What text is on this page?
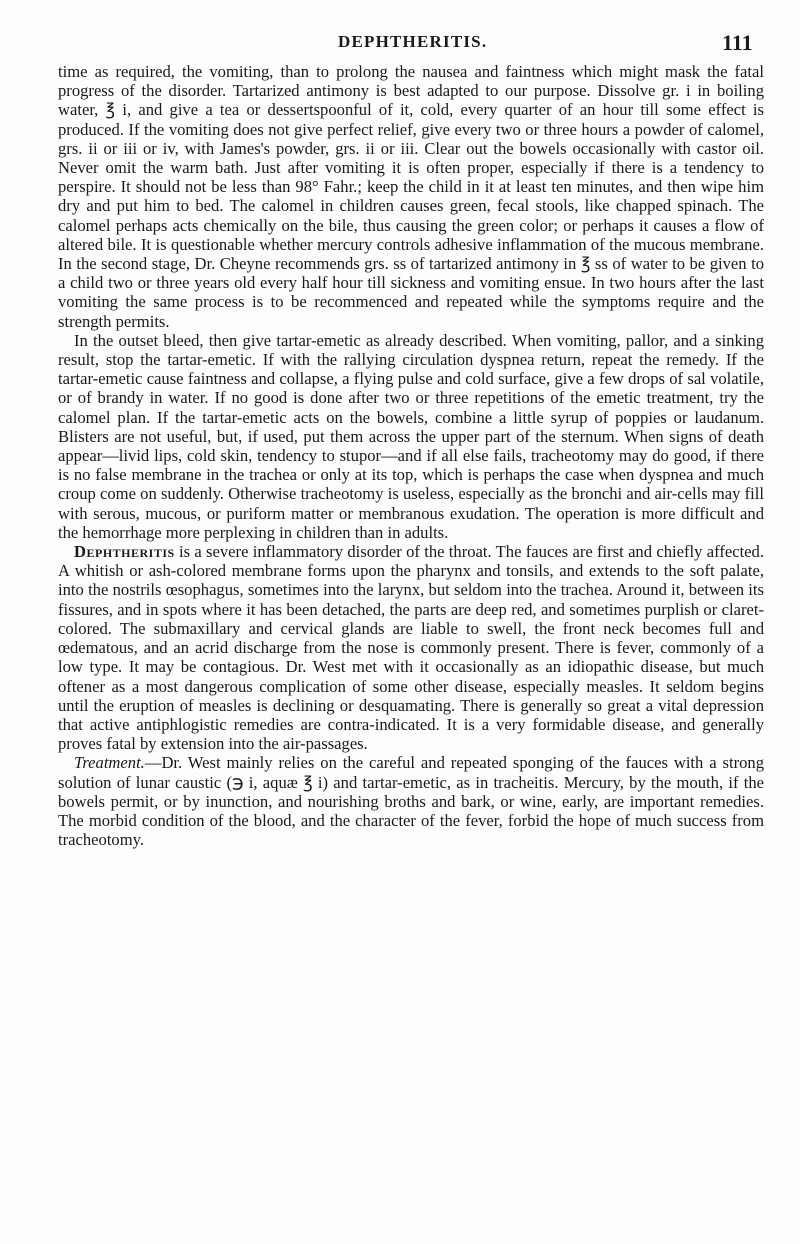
DEPHTHERITIS.	111

time as required, the vomiting, than to prolong the nausea and faintness which might mask the fatal progress of the disorder. Tartarized antimony is best adapted to our purpose. Dissolve gr. i in boiling water, ℥ i, and give a tea or dessertspoonful of it, cold, every quarter of an hour till some effect is produced. If the vomiting does not give perfect relief, give every two or three hours a powder of calomel, grs. ii or iii or iv, with James's powder, grs. ii or iii. Clear out the bowels occasionally with castor oil. Never omit the warm bath. Just after vomiting it is often proper, especially if there is a tendency to perspire. It should not be less than 98° Fahr.; keep the child in it at least ten minutes, and then wipe him dry and put him to bed. The calomel in children causes green, fecal stools, like chapped spinach. The calomel perhaps acts chemically on the bile, thus causing the green color; or perhaps it causes a flow of altered bile. It is questionable whether mercury controls adhesive inflammation of the mucous membrane. In the second stage, Dr. Cheyne recommends grs. ss of tartarized antimony in ℥ ss of water to be given to a child two or three years old every half hour till sickness and vomiting ensue. In two hours after the last vomiting the same process is to be recommenced and repeated while the symptoms require and the strength permits.

In the outset bleed, then give tartar-emetic as already described. When vomiting, pallor, and a sinking result, stop the tartar-emetic. If with the rallying circulation dyspnea return, repeat the remedy. If the tartar-emetic cause faintness and collapse, a flying pulse and cold surface, give a few drops of sal volatile, or of brandy in water. If no good is done after two or three repetitions of the emetic treatment, try the calomel plan. If the tartar-emetic acts on the bowels, combine a little syrup of poppies or laudanum. Blisters are not useful, but, if used, put them across the upper part of the sternum. When signs of death appear—livid lips, cold skin, tendency to stupor—and if all else fails, tracheotomy may do good, if there is no false membrane in the trachea or only at its top, which is perhaps the case when dyspnea and much croup come on suddenly. Otherwise tracheotomy is useless, especially as the bronchi and air-cells may fill with serous, mucous, or puriform matter or membranous exudation. The operation is more difficult and the hemorrhage more perplexing in children than in adults.

Dephtheritis is a severe inflammatory disorder of the throat. The fauces are first and chiefly affected. A whitish or ash-colored membrane forms upon the pharynx and tonsils, and extends to the soft palate, into the nostrils œsophagus, sometimes into the larynx, but seldom into the trachea. Around it, between its fissures, and in spots where it has been detached, the parts are deep red, and sometimes purplish or claret-colored. The submaxillary and cervical glands are liable to swell, the front neck becomes full and œdematous, and an acrid discharge from the nose is commonly present. There is fever, commonly of a low type. It may be contagious. Dr. West met with it occasionally as an idiopathic disease, but much oftener as a most dangerous complication of some other disease, especially measles. It seldom begins until the eruption of measles is declining or desquamating. There is generally so great a vital depression that active antiphlogistic remedies are contra-indicated. It is a very formidable disease, and generally proves fatal by extension into the air-passages.

Treatment.—Dr. West mainly relies on the careful and repeated sponging of the fauces with a strong solution of lunar caustic (℈ i, aquæ ℥ i) and tartar-emetic, as in tracheitis. Mercury, by the mouth, if the bowels permit, or by inunction, and nourishing broths and bark, or wine, early, are important remedies. The morbid condition of the blood, and the character of the fever, forbid the hope of much success from tracheotomy.
